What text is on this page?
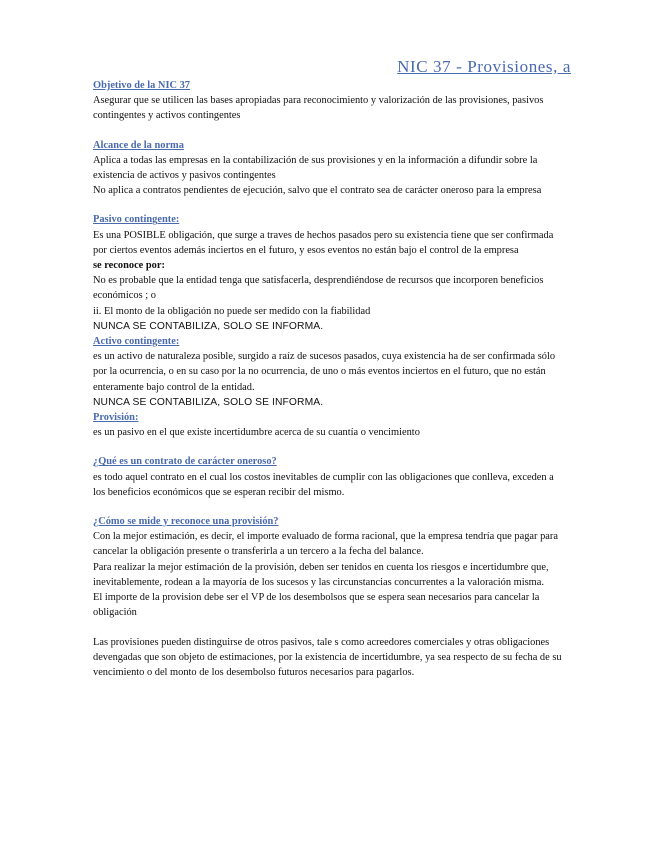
NIC 37 - Provisiones, a
Objetivo de la NIC 37

Asegurar que se utilicen las bases apropiadas para reconocimiento y valorización de las provisiones, pasivos contingentes y activos contingentes

Alcance de la norma

Aplica a todas las empresas en la contabilización de sus provisiones y en la información a difundir sobre la existencia de activos y pasivos contingentes

No aplica a contratos pendientes de ejecución, salvo que el contrato sea de carácter oneroso para la empresa

Pasivo contingente:

Es una POSIBLE obligación, que surge a traves de hechos pasados pero su existencia tiene que ser confirmada por ciertos eventos además inciertos en el futuro, y esos eventos no están bajo el control de la empresa

se reconoce por:

No es probable que la entidad tenga que satisfacerla, desprendiéndose de recursos que incorporen beneficios económicos ; o

ii. El monto de la obligación no puede ser medido con la fiabilidad

NUNCA SE CONTABILIZA, SOLO SE INFORMA.

Activo contingente:

es un activo de naturaleza posible, surgido a raíz de sucesos pasados, cuya existencia ha de ser confirmada sólo por la ocurrencia, o en su caso por la no ocurrencia, de uno o más eventos inciertos en el futuro, que no están enteramente bajo control de la entidad.

NUNCA SE CONTABILIZA, SOLO SE INFORMA.

Provisión:

es un pasivo en el que existe incertidumbre acerca de su cuantía o vencimiento

¿Qué es un contrato de carácter oneroso?

es todo aquel contrato en el cual los costos inevitables de cumplir con las obligaciones que conlleva, exceden a los beneficios económicos que se esperan recibir del mismo.

¿Cómo se mide y reconoce una provisión?

Con la mejor estimación, es decir, el importe evaluado de forma racional, que la empresa tendría que pagar para cancelar la obligación presente o transferirla a un tercero a la fecha del balance.

Para realizar la mejor estimación de la provisión, deben ser tenidos en cuenta los riesgos e incertidumbre que, inevitablemente, rodean a la mayoría de los sucesos y las circunstancias concurrentes a la valoración misma.

El importe de la provision debe ser el VP de los desembolsos que se espera sean necesarios para cancelar la obligación

Las provisiones pueden distinguirse de otros pasivos, tale s como acreedores comerciales y otras obligaciones devengadas que son objeto de estimaciones, por la existencia de incertidumbre, ya sea respecto de su fecha de su vencimiento o del monto de los desembolso futuros necesarios para pagarlos.
